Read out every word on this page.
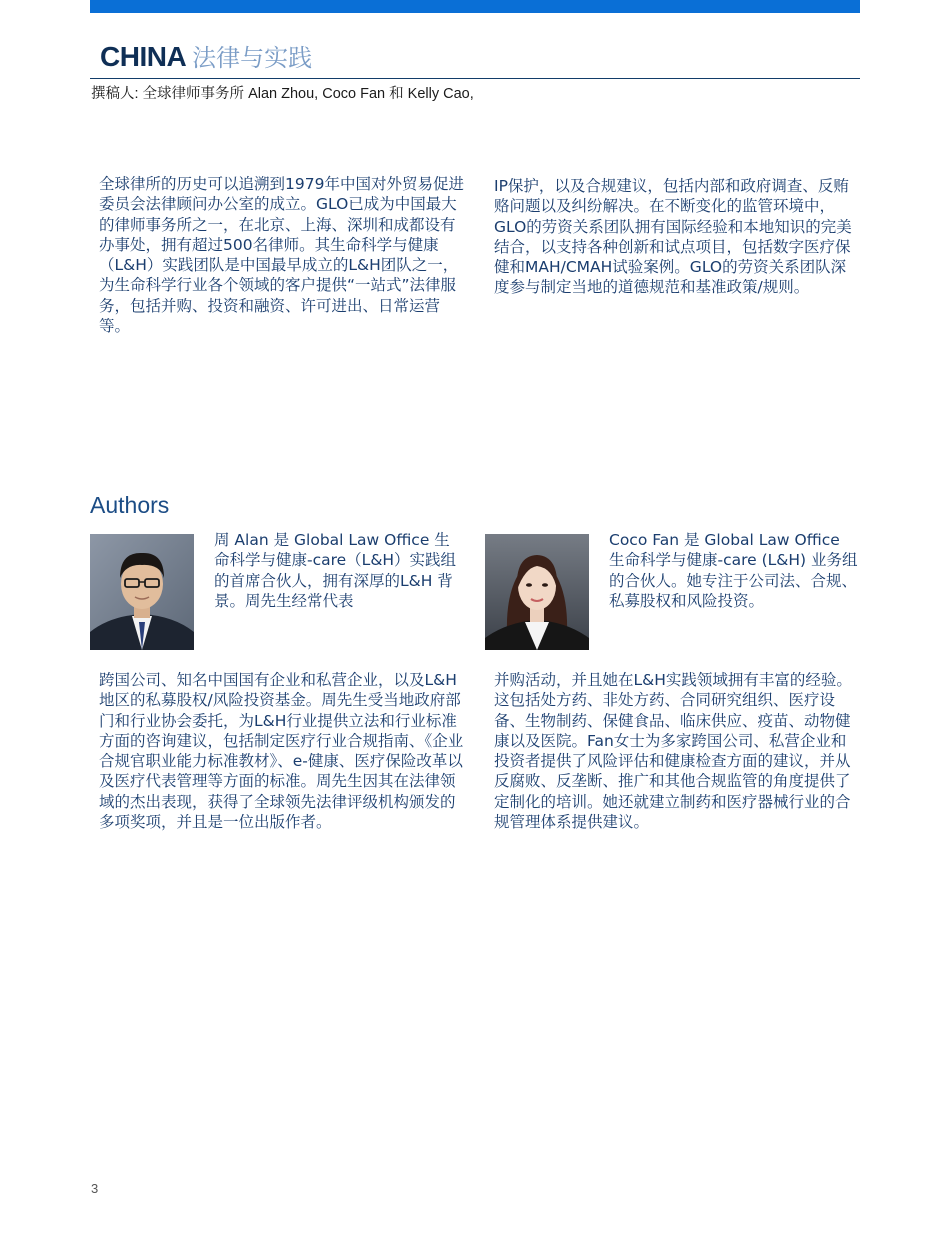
CHINA 法律与实践
撰稿人: 全球律师事务所 Alan Zhou, Coco Fan 和 Kelly Cao,

全球律所的历史可以追溯到1979年中国对外贸易促进委员会法律顾问办公室的成立。GLO已成为中国最大的律师事务所之一，在北京、上海、深圳和成都设有办事处，拥有超过500名律师。其生命科学与健康（L&H）实践团队是中国最早成立的L&H团队之一，为生命科学行业各个领域的客户提供“一站式”法律服务，包括并购、投资和融资、许可进出、日常运营等。

IP保护，以及合规建议，包括内部和政府调查、反贿赂问题以及纠纷解决。在不断变化的监管环境中，GLO的劳资关系团队拥有国际经验和本地知识的完美结合，以支持各种创新和试点项目，包括数字医疗保健和MAH/CMAH试验案例。GLO的劳资关系团队深度参与制定当地的道德规范和基准政策/规则。

Authors

周 Alan 是 Global Law Office 生命科学与健康-care（L&H）实践组的首席合伙人，拥有深厚的L&H 背景。周先生经常代表

跨国公司、知名中国国有企业和私营企业，以及L&H地区的私募股权/风险投资基金。周先生受当地政府部门和行业协会委托，为L&H行业提供立法和行业标准方面的咨询建议，包括制定医疗行业合规指南、《企业合规官职业能力标准教材》、e-健康、医疗保险改革以及医疗代表管理等方面的标准。周先生因其在法律领域的杰出表现，获得了全球领先法律评级机构颁发的多项奖项，并且是一位出版作者。

Coco Fan 是 Global Law Office 生命科学与健康-care (L&H) 业务组的合伙人。她专注于公司法、合规、私募股权和风险投资。

并购活动，并且她在L&H实践领域拥有丰富的经验。这包括处方药、非处方药、合同研究组织、医疗设备、生物制药、保健食品、临床供应、疫苗、动物健康以及医院。Fan女士为多家跨国公司、私营企业和投资者提供了风险评估和健康检查方面的建议，并从反腐败、反垄断、推广和其他合规监管的角度提供了定制化的培训。她还就建立制药和医疗器械行业的合规管理体系提供建议。

3
